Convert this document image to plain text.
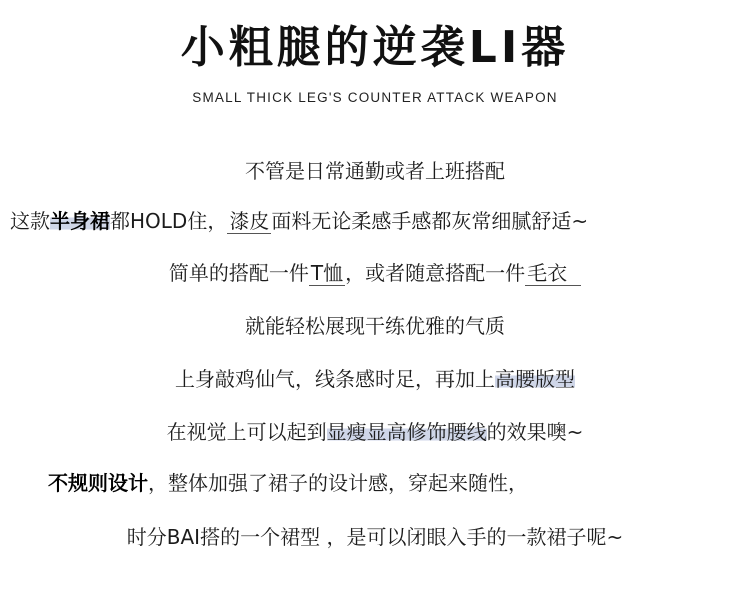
小粗腿的逆袭LI器
SMALL THICK LEG'S COUNTER ATTACK WEAPON
不管是日常通勤或者上班搭配
这款半身裙都HOLD住， 漆皮 面料无论柔感手感都灰常细腻舒适~
简单的搭配一件 T恤 ，或者随意搭配一件 毛衣
就能轻松展现干练优雅的气质
上身敲鸡仙气，线条感时足，再加上高腰版型
在视觉上可以起到显瘦显高修饰腰线的效果噢~
不规则设计，整体加强了裙子的设计感，穿起来随性，
时分BAI搭的一个裙型 ，是可以闭眼入手的一款裙子呢~
